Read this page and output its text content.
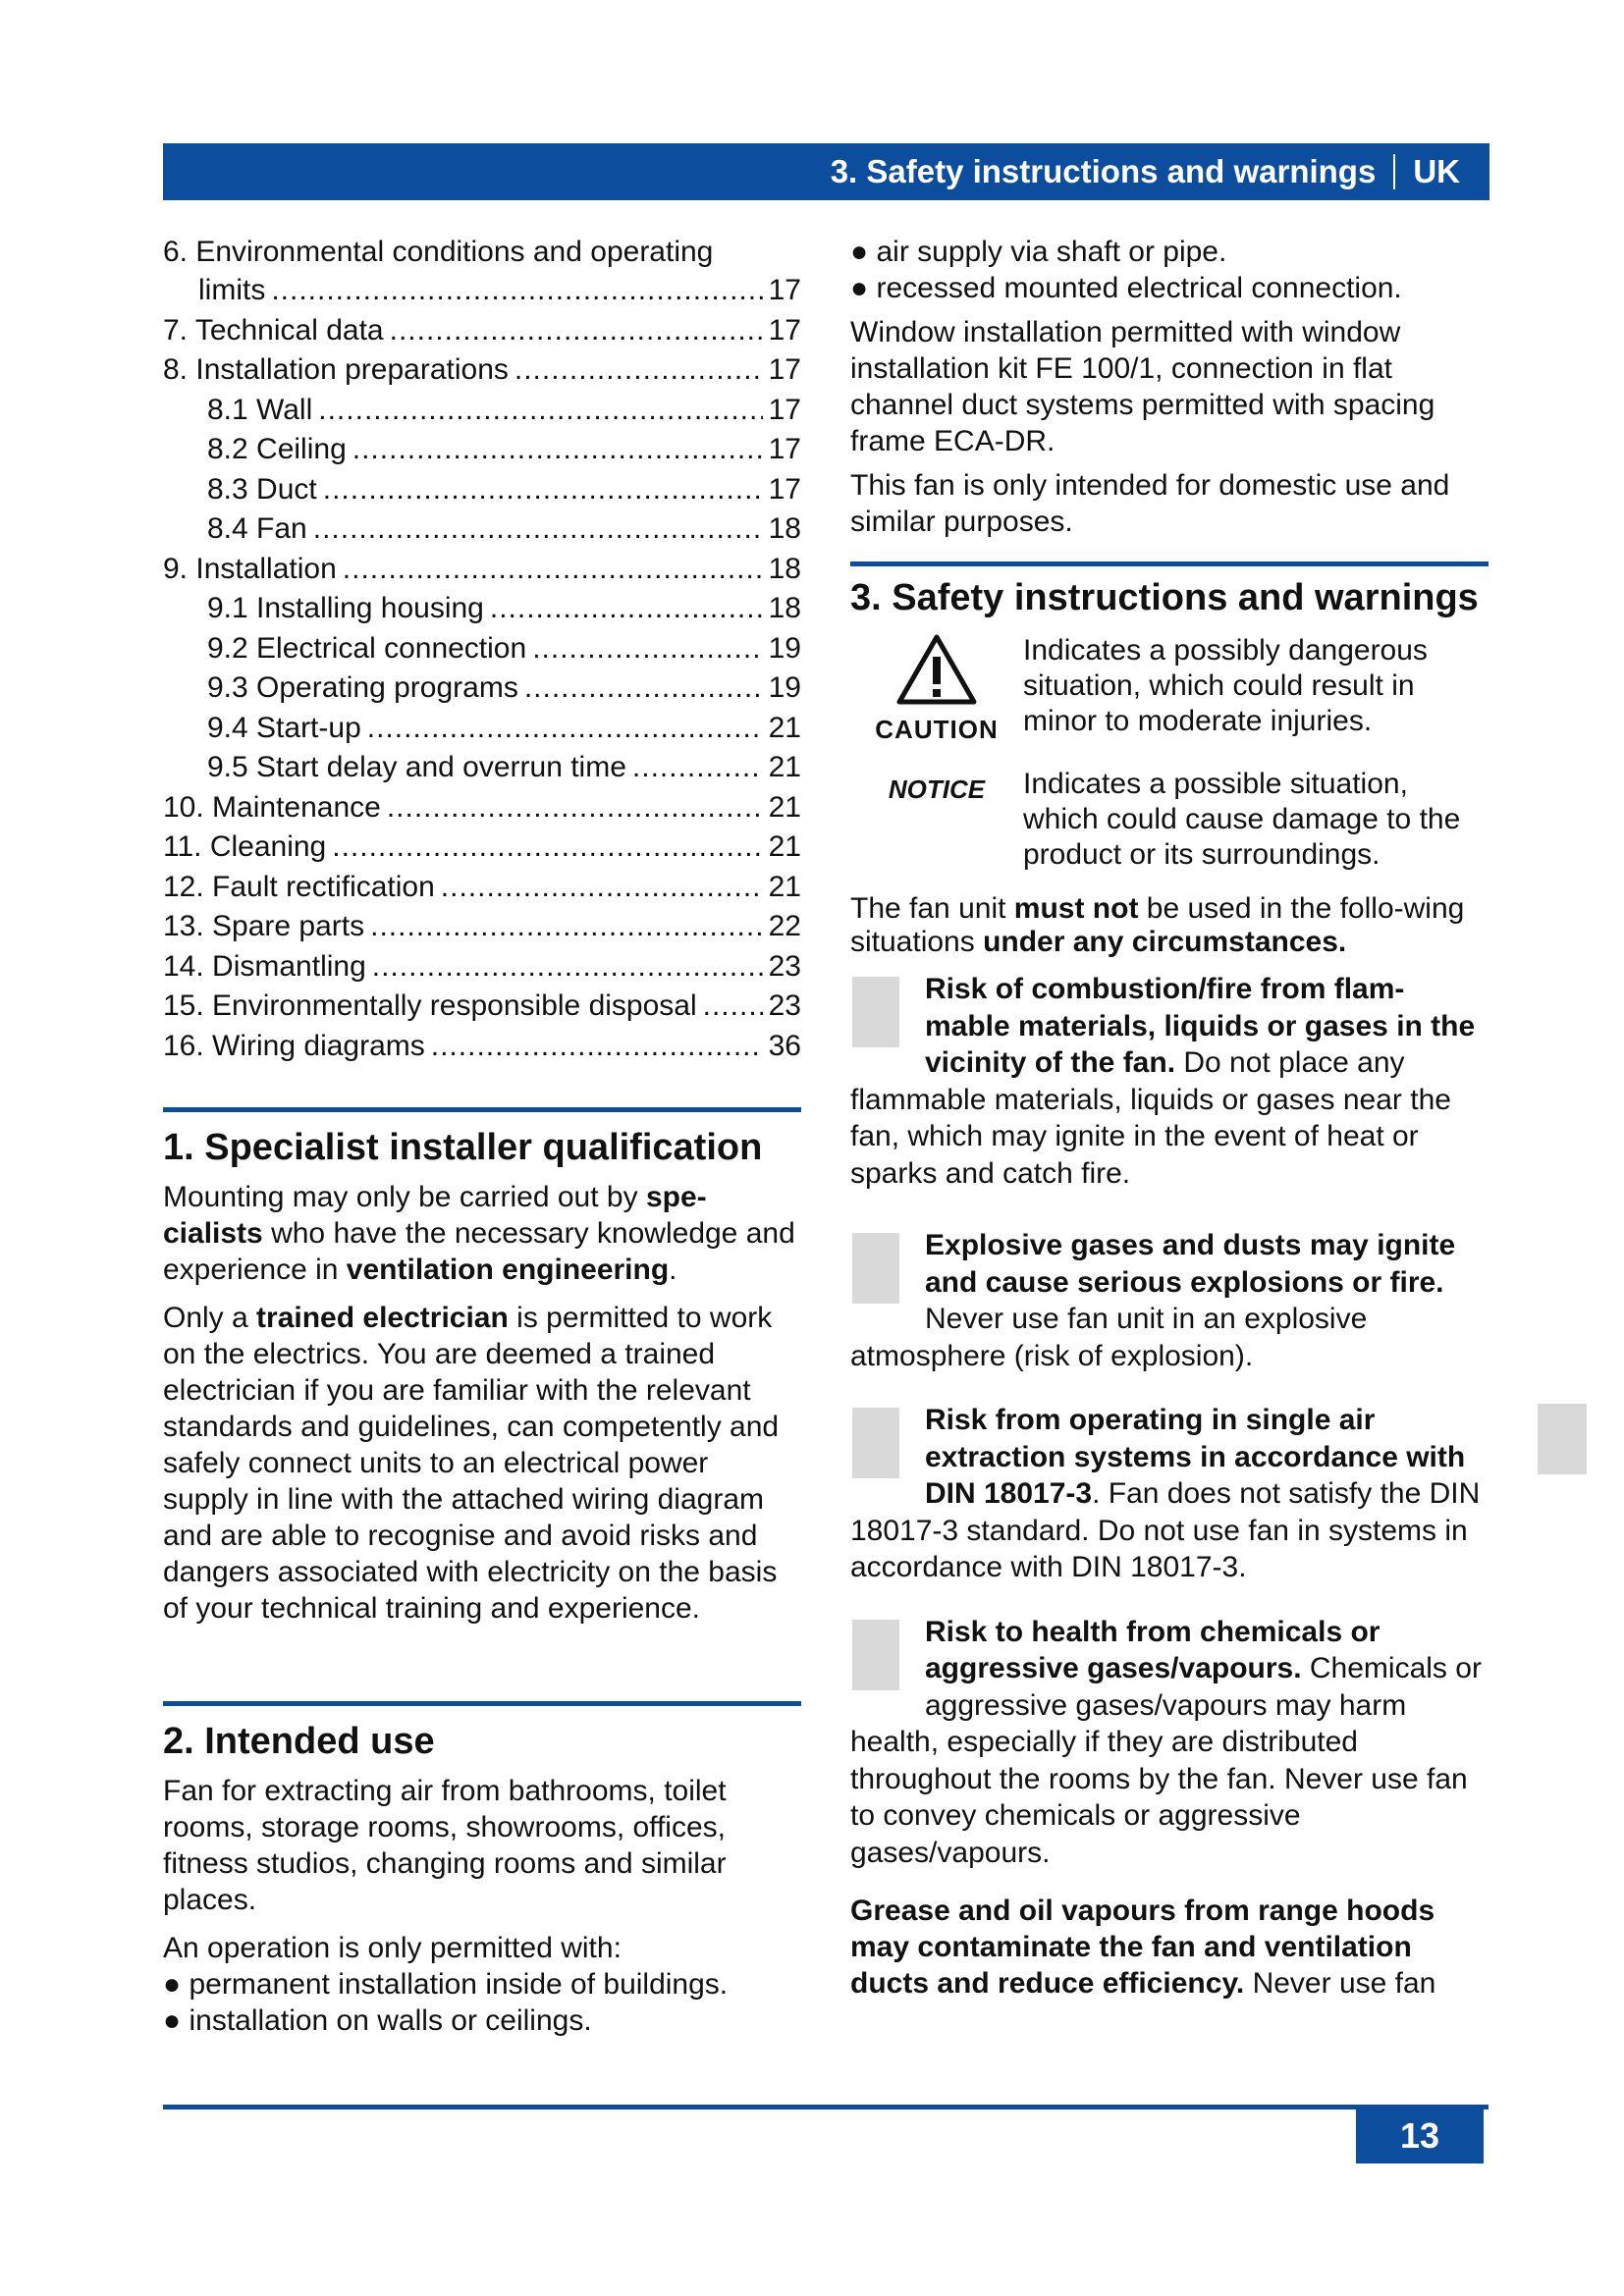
3. Safety instructions and warnings UK
6. Environmental conditions and operating
limits .....	17
7. Technical data .....	17
8. Installation preparations .....	17
8.1 Wall .....	17
8.2 Ceiling .....	17
8.3 Duct .....	17
8.4 Fan .....	18
9. Installation .....	18
9.1 Installing housing .....	18
9.2 Electrical connection .....	19
9.3 Operating programs .....	19
9.4 Start-up .....	21
9.5 Start delay and overrun time .....	21
10. Maintenance .....	21
11. Cleaning .....	21
12. Fault rectification .....	21
13. Spare parts .....	22
14. Dismantling .....	23
15. Environmentally responsible disposal ..... 23
16. Wiring diagrams .....	36
1. Specialist installer qualification

Mounting may only be carried out by spe-cialists who have the necessary knowledge and experience in ventilation engineering.

Only a trained electrician is permitted to work on the electrics. You are deemed a trained electrician if you are familiar with the relevant standards and guidelines, can competently and safely connect units to an electrical power supply in line with the attached wiring diagram and are able to recognise and avoid risks and dangers associated with electricity on the basis of your technical training and experience.

2. Intended use

Fan for extracting air from bathrooms, toilet rooms, storage rooms, showrooms, offices, fitness studios, changing rooms and similar places.

An operation is only permitted with:

● permanent installation inside of buildings.
● installation on walls or ceilings.
● air supply via shaft or pipe.
● recessed mounted electrical connection.

Window installation permitted with window installation kit FE 100/1, connection in flat channel duct systems permitted with spacing frame ECA-DR.

This fan is only intended for domestic use and similar purposes.

3. Safety instructions and warnings
CAUTION
Indicates a possibly dangerous situation, which could result in minor to moderate injuries.
NOTICE	Indicates a possible situation, which could cause damage to the product or its surroundings.

The fan unit must not be used in the follo-wing situations under any circumstances.

Risk of combustion/fire from flam-mable materials, liquids or gases in the vicinity of the fan. Do not place any flammable materials, liquids or gases near the fan, which may ignite in the event of heat or sparks and catch fire.
Explosive gases and dusts may ignite and cause serious explosions or fire. Never use fan unit in an explosive atmosphere (risk of explosion).
Risk from operating in single air extraction systems in accordance with DIN 18017-3. Fan does not satisfy the DIN 18017-3 standard. Do not use fan in systems in accordance with DIN 18017-3.
Risk to health from chemicals or aggressive gases/vapours. Chemicals or aggressive gases/vapours may harm health, especially if they are distributed throughout the rooms by the fan. Never use fan to convey chemicals or aggressive gases/vapours.

Grease and oil vapours from range hoods may contaminate the fan and ventilation ducts and reduce efficiency. Never use fan

13
